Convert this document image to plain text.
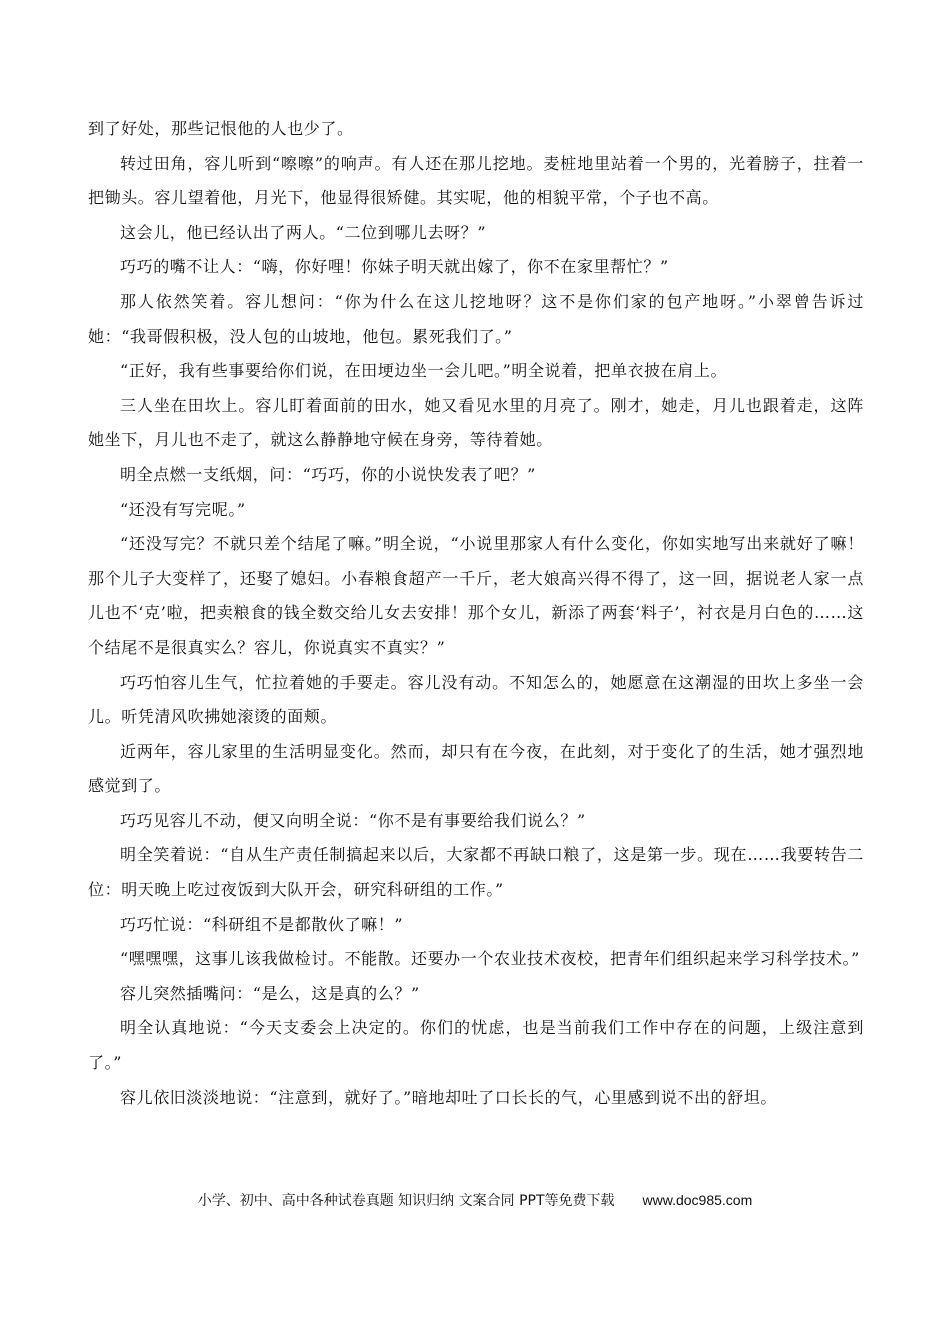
到了好处，那些记恨他的人也少了。

转过田角，容儿听到“嚓嚓”的响声。有人还在那儿挖地。麦桩地里站着一个男的，光着膀子，拄着一把锄头。容儿望着他，月光下，他显得很矫健。其实呢，他的相貌平常，个子也不高。

这会儿，他已经认出了两人。“二位到哪儿去呀？”

巧巧的嘴不让人：“嗨，你好哩！你妹子明天就出嫁了，你不在家里帮忙？”

那人依然笑着。容儿想问：“你为什么在这儿挖地呀？这不是你们家的包产地呀。”小翠曾告诉过她：“我哥假积极，没人包的山坡地，他包。累死我们了。”

“正好，我有些事要给你们说，在田埂边坐一会儿吧。”明全说着，把单衣披在肩上。

三人坐在田坎上。容儿盯着面前的田水，她又看见水里的月亮了。刚才，她走，月儿也跟着走，这阵她坐下，月儿也不走了，就这么静静地守候在身旁，等待着她。

明全点燃一支纸烟，问：“巧巧，你的小说快发表了吧？”

“还没有写完呢。”

“还没写完？不就只差个结尾了嘛。”明全说，“小说里那家人有什么变化，你如实地写出来就好了嘛！那个儿子大变样了，还娶了媳妇。小春粮食超产一千斤，老大娘高兴得不得了，这一回，据说老人家一点儿也不‘克’啦，把卖粮食的钱全数交给儿女去安排！那个女儿，新添了两套‘料子’，衬衣是月白色的……这个结尾不是很真实么？容儿，你说真实不真实？”

巧巧怕容儿生气，忙拉着她的手要走。容儿没有动。不知怎么的，她愿意在这潮湿的田坎上多坐一会儿。听凭清风吹拂她滚烫的面颊。

近两年，容儿家里的生活明显变化。然而，却只有在今夜，在此刻，对于变化了的生活，她才强烈地感觉到了。

巧巧见容儿不动，便又向明全说：“你不是有事要给我们说么？”

明全笑着说：“自从生产责任制搞起来以后，大家都不再缺口粮了，这是第一步。现在……我要转告二位：明天晚上吃过夜饭到大队开会，研究科研组的工作。”

巧巧忙说：“科研组不是都散伙了嘛！”

“嘿嘿嘿，这事儿该我做检讨。不能散。还要办一个农业技术夜校，把青年们组织起来学习科学技术。”

容儿突然插嘴问：“是么，这是真的么？”

明全认真地说：“今天支委会上决定的。你们的忧虑，也是当前我们工作中存在的问题，上级注意到了。”

容儿依旧淡淡地说：“注意到，就好了。”暗地却吐了口长长的气，心里感到说不出的舒坦。

小学、初中、高中各种试卷真题 知识归纳 文案合同 PPT等免费下载 www.doc985.com
